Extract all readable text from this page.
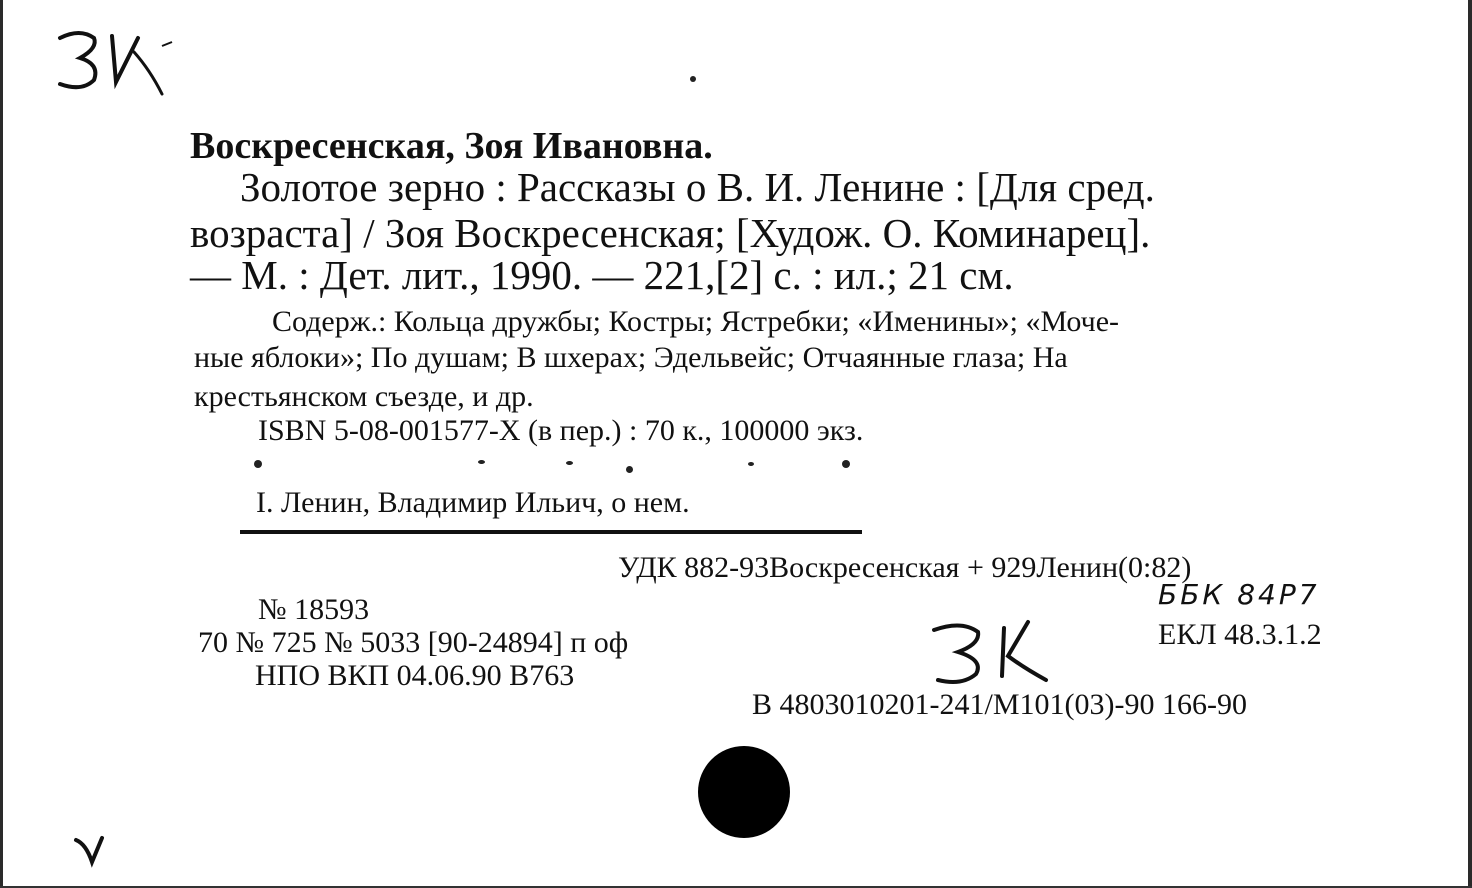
Воскресенская, Зоя Ивановна.
Золотое зерно : Рассказы о В. И. Ленине : [Для сред.
возраста] / Зоя Воскресенская; [Худож. О. Коминарец].
— М. : Дет. лит., 1990. — 221,[2] с. : ил.; 21 см.
Содерж.: Кольца дружбы; Костры; Ястребки; «Именины»; «Моче-
ные яблоки»; По душам; В шхерах; Эдельвейс; Отчаянные глаза; На
крестьянском съезде, и др.
ISBN 5-08-001577-X (в пер.) : 70 к., 100000 экз.
I. Ленин, Владимир Ильич, о нем.
УДК 882-93Воскресенская + 929Ленин(0:82)
ББК 84Р7
№ 18593
70 № 725 № 5033 [90-24894] п оф	ЕКЛ 48.3.1.2
НПО ВКП 04.06.90 В763
В 4803010201-241/М101(03)-90 166-90
